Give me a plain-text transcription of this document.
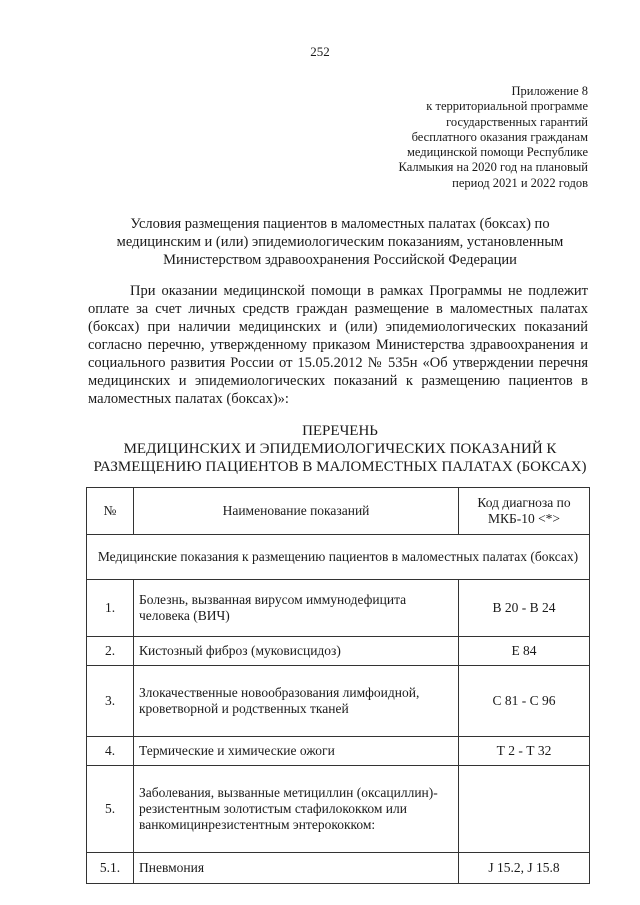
252
Приложение 8
к территориальной программе
государственных гарантий
бесплатного оказания гражданам
медицинской помощи Республике
Калмыкия на 2020 год на плановый
период 2021 и 2022 годов
Условия размещения пациентов в маломестных палатах (боксах) по
медицинским и (или) эпидемиологическим показаниям, установленным
Министерством здравоохранения Российской Федерации
При оказании медицинской помощи в рамках Программы не подлежит оплате за счет личных средств граждан размещение в маломестных палатах (боксах) при наличии медицинских и (или) эпидемиологических показаний согласно перечню, утвержденному приказом Министерства здравоохранения и социального развития России от 15.05.2012 № 535н «Об утверждении перечня медицинских и эпидемиологических показаний к размещению пациентов в маломестных палатах (боксах)»:
ПЕРЕЧЕНЬ
МЕДИЦИНСКИХ И ЭПИДЕМИОЛОГИЧЕСКИХ ПОКАЗАНИЙ К
РАЗМЕЩЕНИЮ ПАЦИЕНТОВ В МАЛОМЕСТНЫХ ПАЛАТАХ (БОКСАХ)
№	Наименование показаний	Код диагноза по МКБ-10 <*>
Медицинские показания к размещению пациентов в маломестных палатах (боксах)		
1.	Болезнь, вызванная вирусом иммунодефицита человека (ВИЧ)	В 20 - В 24
2.	Кистозный фиброз (муковисцидоз)	Е 84
3.	Злокачественные новообразования лимфоидной, кроветворной и родственных тканей	С 81 - С 96
4.	Термические и химические ожоги	Т 2 - Т 32
5.	Заболевания, вызванные метициллин (оксациллин)-резистентным золотистым стафилококком или ванкомицинрезистентным энтерококком:	
5.1.	Пневмония	J 15.2, J 15.8
